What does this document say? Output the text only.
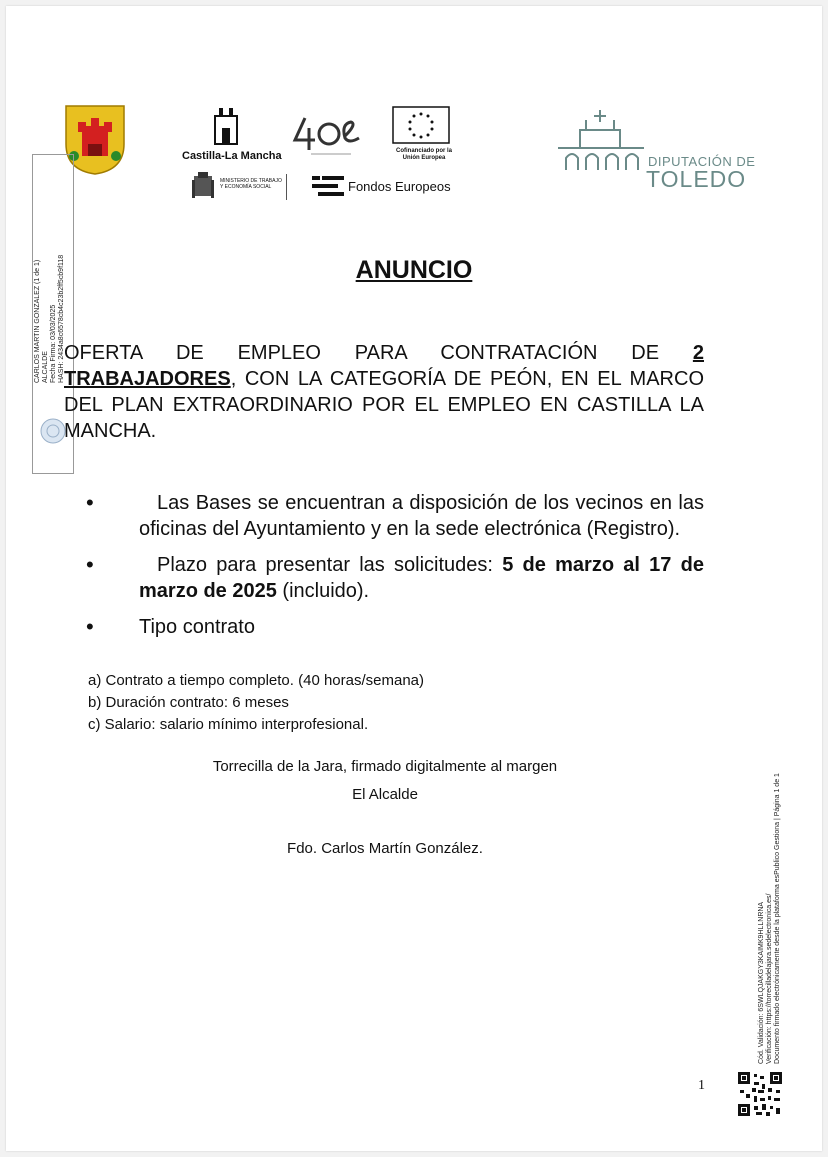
Castilla-La Mancha	Cofinanciado por la Unión Europea
MINISTERIO DE TRABAJO Y ECONOMÍA SOCIAL	Fondos Europeos
DIPUTACIÓN DE
TOLEDO
CARLOS MARTIN GONZALEZ (1 de 1) ALCALDE Fecha Firma: 03/03/2025 HASH: 2434a8c6578cb4c23b2ff5cb9f118	ANUNCIO
OFERTA DE EMPLEO PARA CONTRATACIÓN DE 2 TRABAJADORES, CON LA CATEGORÍA DE PEÓN, EN EL MARCO DEL PLAN EXTRAORDINARIO POR EL EMPLEO EN CASTILLA LA MANCHA.
•	Las Bases se encuentran a disposición de los vecinos en las oficinas del Ayuntamiento y en la sede electrónica (Registro).
•	Plazo para presentar las solicitudes: 5 de marzo al 17 de marzo de 2025 (incluido).
• Tipo contrato
a) Contrato a tiempo completo. (40 horas/semana)
b) Duración contrato: 6 meses
c) Salario: salario mínimo interprofesional.
Torrecilla de la Jara, firmado digitalmente al margen
El Alcalde
Fdo. Carlos Martín González.
Cód. Validación: 6SWLQJAKGY3KAIMK9HLLNRNA Verificación: https://torrecilladelajara.sedelectronica.es/ Documento firmado electrónicamente desde la plataforma esPublico Gestiona | Página 1 de 1
1
